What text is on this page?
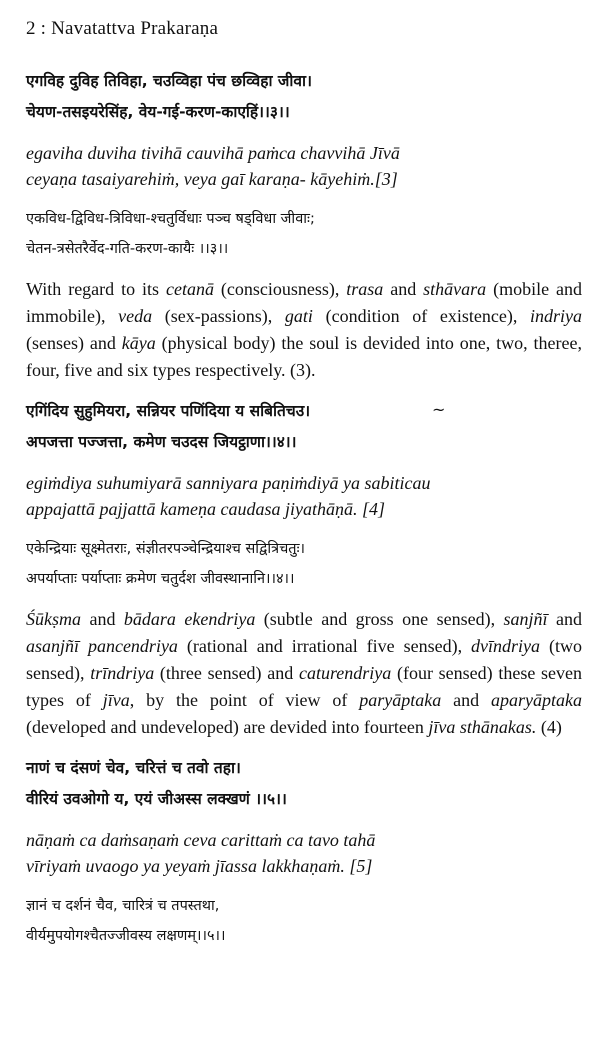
2 : Navatattva Prakaraṇa
एगविह दुविह तिविहा, चउव्विहा पंच छव्विहा जीवा।
चेयण-तसइयरेसिंह, वेय-गई-करण-काएहिं।।३।।
egaviha duviha tivihā cauvihā paṁca chavvihā Jīvā
ceyaṇa tasaiyarehiṁ, veya gaī karaṇa- kāyehiṁ.[3]
एकविध-द्विविध-त्रिविधा-श्चतुर्विधाः पञ्च षड्विधा जीवाः;
चेतन-त्रसेतरैर्वेद-गति-करण-कायैः ।।३।।
With regard to its cetanā (consciousness), trasa and sthāvara (mobile and immobile), veda (sex-passions), gati (condition of existence), indriya (senses) and kāya (physical body) the soul is devided into one, two, theree, four, five and six types respectively. (3).
एगिंदिय सुहुमियरा, सन्नियर पणिंदिया य सबितिचउ।
अपजत्ता पज्जत्ता, कमेण चउदस जियट्ठाणा।।४।।
egiṁdiya suhumiyarā sanniyara paṇiṁdiyā ya sabiticau
appajattā pajjattā kameṇa caudasa jiyathāṇā. [4]
एकेन्द्रियाः सूक्ष्मेतराः, संज्ञीतरपञ्चेन्द्रियाश्च सद्वित्रिचतुः।
अपर्याप्ताः पर्याप्ताः क्रमेण चतुर्दश जीवस्थानानि।।४।।
Śūkṣma and bādara ekendriya (subtle and gross one sensed), sanjñī and asanjñī pancendriya (rational and irrational five sensed), dvīndriya (two sensed), trīndriya (three sensed) and caturendriya (four sensed) these seven types of jīva, by the point of view of paryāptaka and aparyāptaka (developed and undeveloped) are devided into fourteen jīva sthānakas. (4)
नाणं च दंसणं चेव, चरित्तं च तवो तहा।
वीरियं उवओगो य, एयं जीअस्स लक्खणं ।।५।।
nāṇaṁ ca daṁsaṇaṁ ceva carittaṁ ca tavo tahā
vīriyaṁ uvaogo ya yeyaṁ jīassa lakkhaṇaṁ. [5]
ज्ञानं च दर्शनं चैव, चारित्रं च तपस्तथा,
वीर्यमुपयोगश्चैतज्जीवस्य लक्षणम्।।५।।
~
